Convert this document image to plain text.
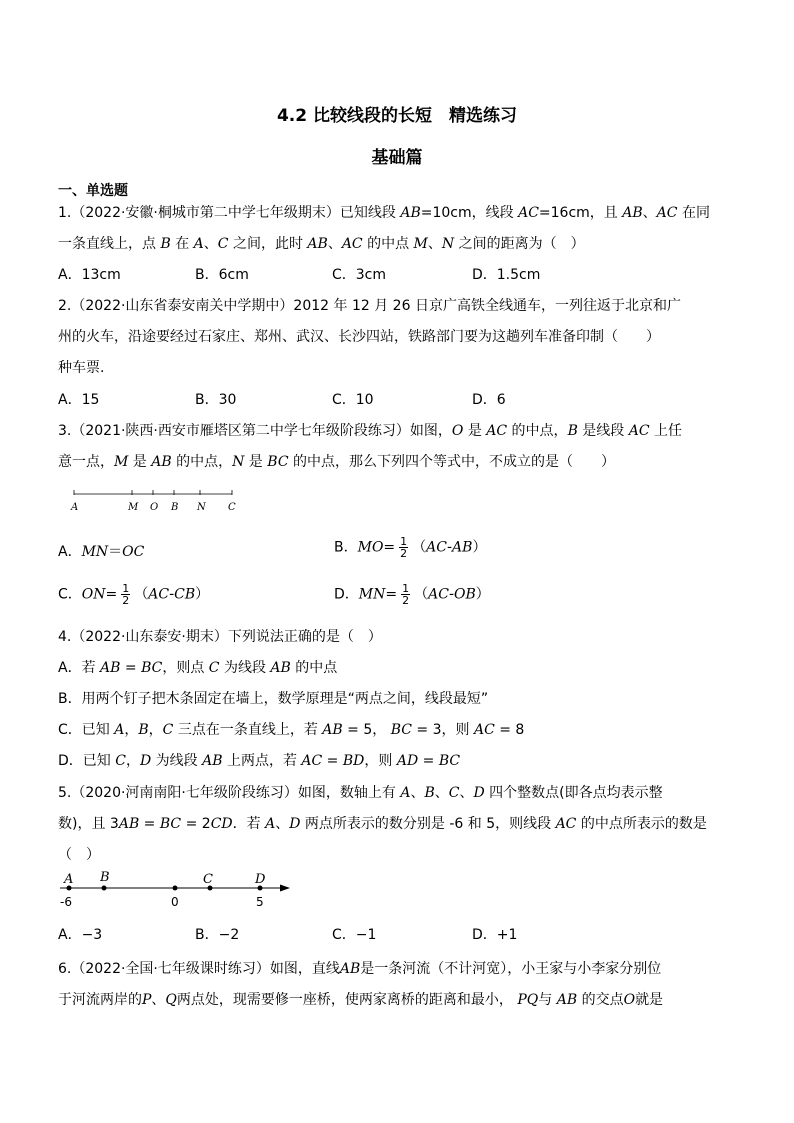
4.2 比较线段的长短　精选练习
基础篇
一、单选题
1.（2022·安徽·桐城市第二中学七年级期末）已知线段 AB=10cm，线段 AC=16cm，且 AB、AC 在同
一条直线上，点 B 在 A、C 之间，此时 AB、AC 的中点 M、N 之间的距离为（　）
A．13cm	B．6cm	C．3cm	D．1.5cm
2.（2022·山东省泰安南关中学期中）2012 年 12 月 26 日京广高铁全线通车，一列往返于北京和广
州的火车，沿途要经过石家庄、郑州、武汉、长沙四站，铁路部门要为这趟列车准备印制（　　）
种车票.
A．15	B．30	C．10	D．6
3.（2021·陕西·西安市雁塔区第二中学七年级阶段练习）如图，O 是 AC 的中点，B 是线段 AC 上任
意一点，M 是 AB 的中点，N 是 BC 的中点，那么下列四个等式中，不成立的是（　　）
A	M O B N C
A．MN＝OC	B．$MO= \frac{1}{2} (AC-AB)$
C．$ON= \frac{1}{2} (AC-CB)$	D．$MN= \frac{1}{2} (AC-OB)$
4.（2022·山东泰安·期末）下列说法正确的是（　）
A．若 AB = BC，则点 C 为线段 AB 的中点
B．用两个钉子把木条固定在墙上，数学原理是“两点之间，线段最短”
C．已知 A，B，C 三点在一条直线上，若 AB = 5， BC = 3，则 AC = 8
D．已知 C，D 为线段 AB 上两点，若 AC = BD，则 AD = BC
5.（2020·河南南阳·七年级阶段练习）如图，数轴上有 A、B、C、D 四个整数点(即各点均表示整
数)，且 3AB = BC = 2CD．若 A、D 两点所表示的数分别是 -6 和 5，则线段 AC 的中点所表示的数是
（　）
A B	C	D
-6	0	5
A．−3	B．−2	C．−1	D．+1
6.（2022·全国·七年级课时练习）如图，直线AB是一条河流（不计河宽），小王家与小李家分别位
于河流两岸的P、Q两点处，现需要修一座桥，使两家离桥的距离和最小， PQ与 AB 的交点O就是
